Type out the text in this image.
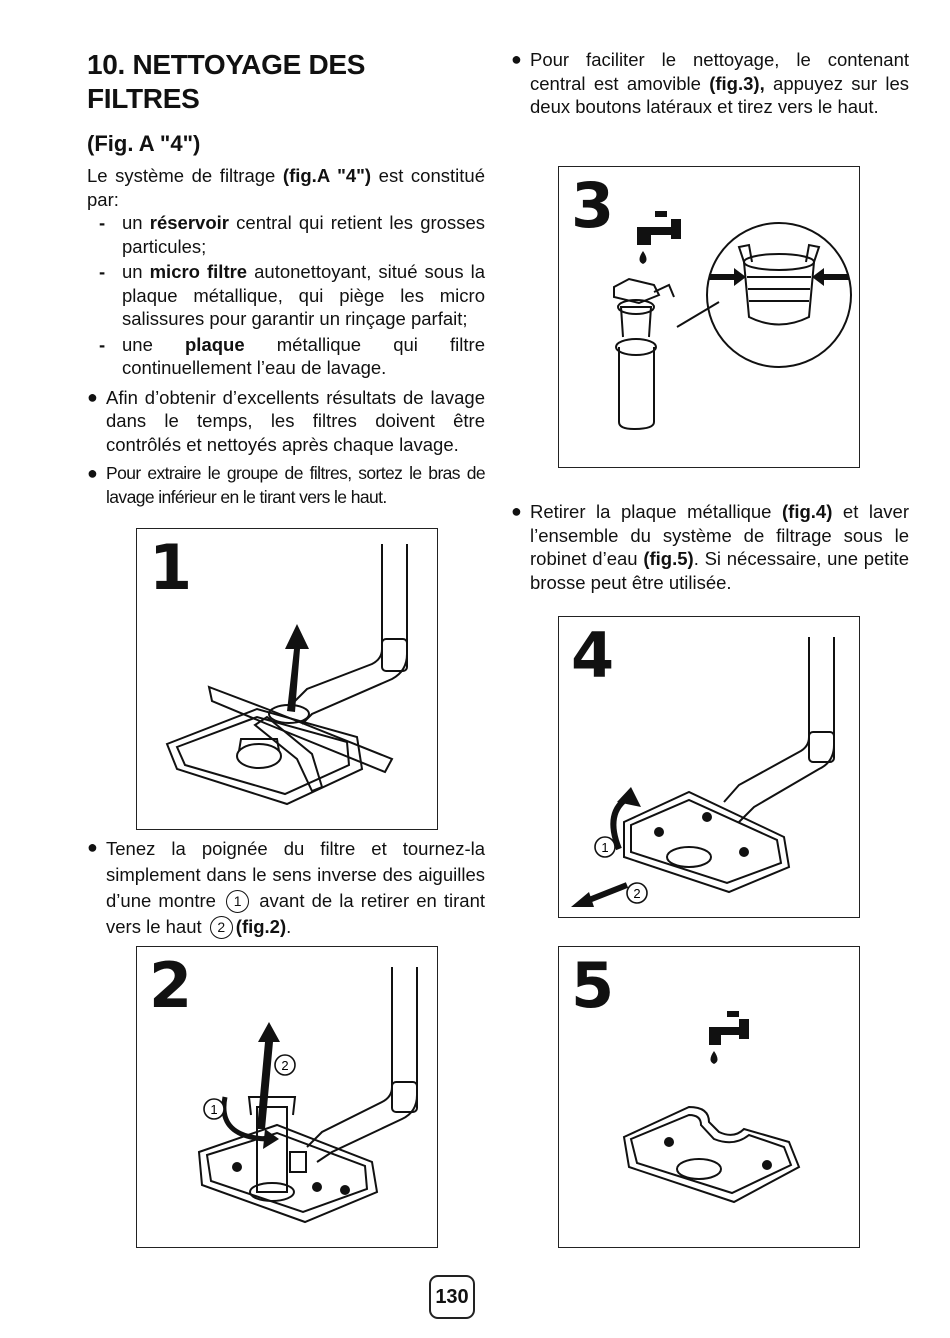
10. NETTOYAGE DES FILTRES
(Fig. A "4")

Le système de filtrage (fig.A "4") est constitué par:

- un réservoir central qui retient les grosses particules;
- un micro filtre autonettoyant, situé sous la plaque métallique, qui piège les micro salissures pour garantir un rinçage parfait;
- une plaque métallique qui filtre continuellement l’eau de lavage.
● Afin d’obtenir d’excellents résultats de lavage dans le temps, les filtres doivent être contrôlés et nettoyés après chaque lavage.
● Pour extraire le groupe de filtres, sortez le bras de lavage inférieur en le tirant vers le haut.
1
● Tenez la poignée du filtre et tournez-la simplement dans le sens inverse des aiguilles d’une montre 1 avant de la retirer en tirant vers le haut 2 (fig.2).
2
1
2
● Pour faciliter le nettoyage, le contenant central est amovible (fig.3), appuyez sur les deux boutons latéraux et tirez vers le haut.
3
● Retirer la plaque métallique (fig.4) et laver l’ensemble du système de filtrage sous le robinet d’eau (fig.5). Si nécessaire, une petite brosse peut être utilisée.
4
1
2
5
130
